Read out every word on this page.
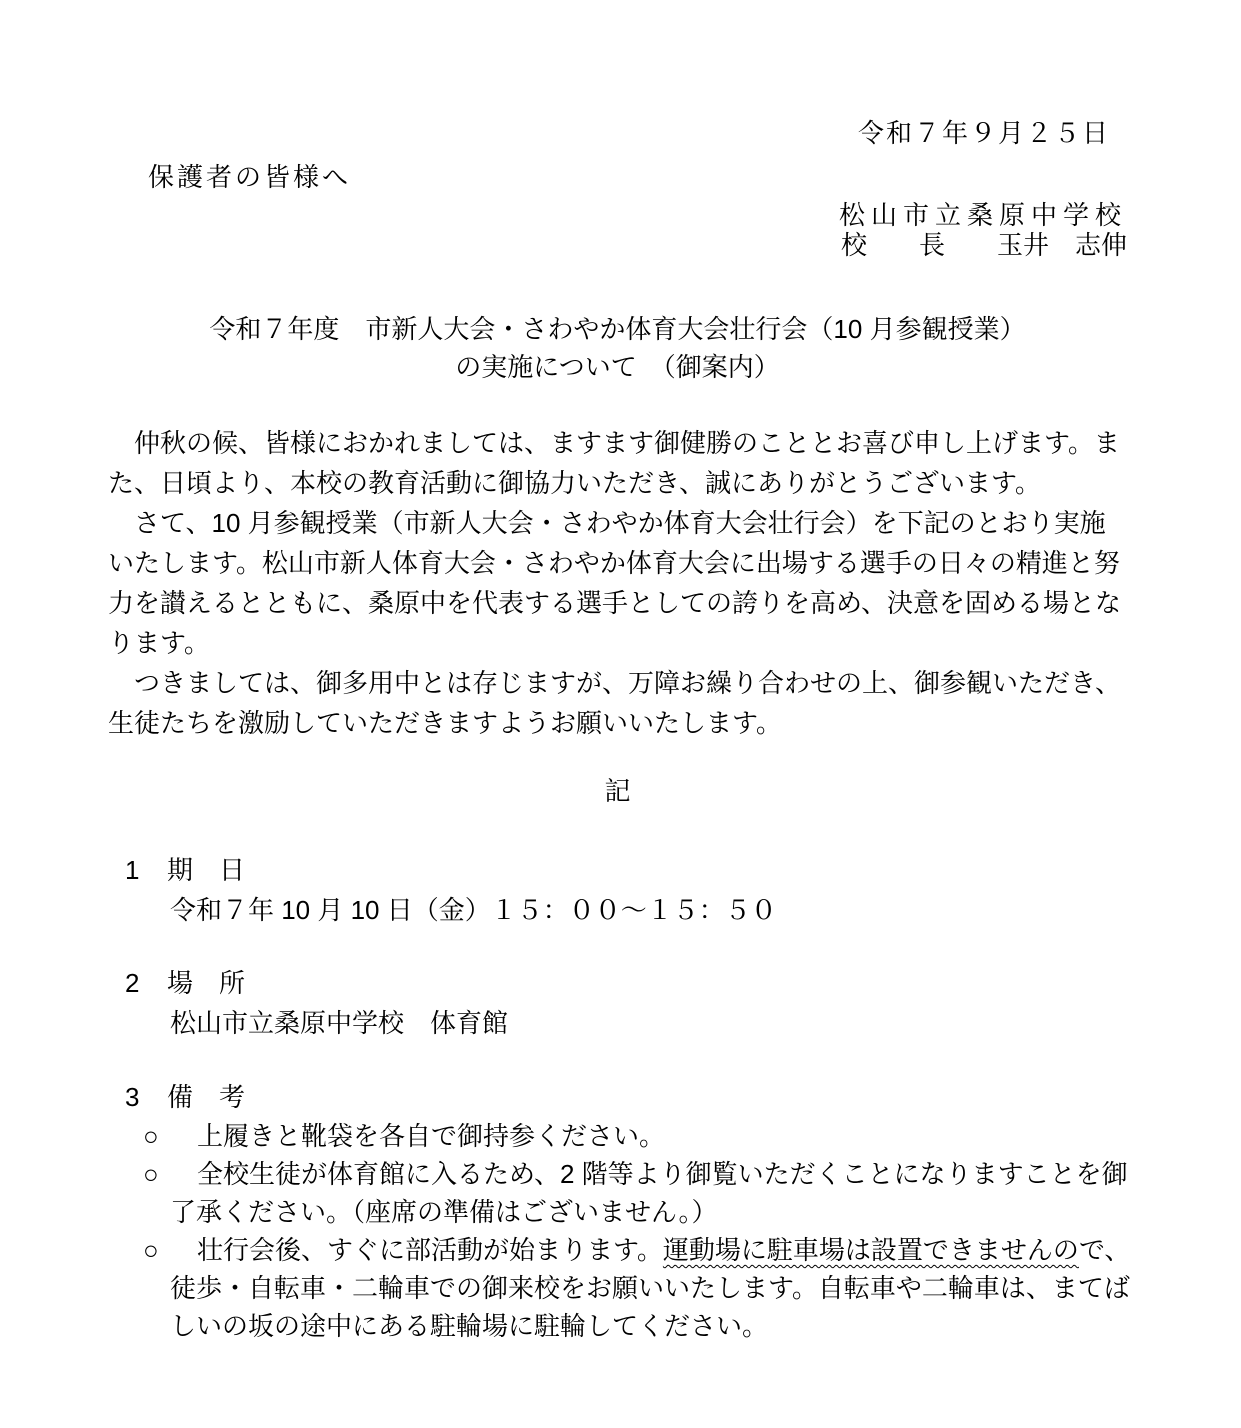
令和７年９月２５日
保護者の皆様へ
松山市立桑原中学校
校　　長　　玉井　志伸
令和７年度　市新人大会・さわやか体育大会壮行会（10 月参観授業）
の実施について　（御案内）
　仲秋の候、皆様におかれましては、ますます御健勝のこととお喜び申し上げます。ま
た、日頃より、本校の教育活動に御協力いただき、誠にありがとうございます。
　さて、10 月参観授業（市新人大会・さわやか体育大会壮行会）を下記のとおり実施
いたします。松山市新人体育大会・さわやか体育大会に出場する選手の日々の精進と努
力を讃えるとともに、桑原中を代表する選手としての誇りを高め、決意を固める場とな
ります。
　つきましては、御多用中とは存じますが、万障お繰り合わせの上、御参観いただき、
生徒たちを激励していただきますようお願いいたします。
記
1 期　日
令和７年 10 月 10 日（金）１５：００～１５：５０
2 場　所
松山市立桑原中学校　体育館
3 備　考
○	上履きと靴袋を各自で御持参ください。
○	全校生徒が体育館に入るため、2 階等より御覧いただくことになりますことを御
了承ください。（座席の準備はございません。）
○	壮行会後、すぐに部活動が始まります。運動場に駐車場は設置できませんので、
徒歩・自転車・二輪車での御来校をお願いいたします。自転車や二輪車は、まてば
しいの坂の途中にある駐輪場に駐輪してください。
